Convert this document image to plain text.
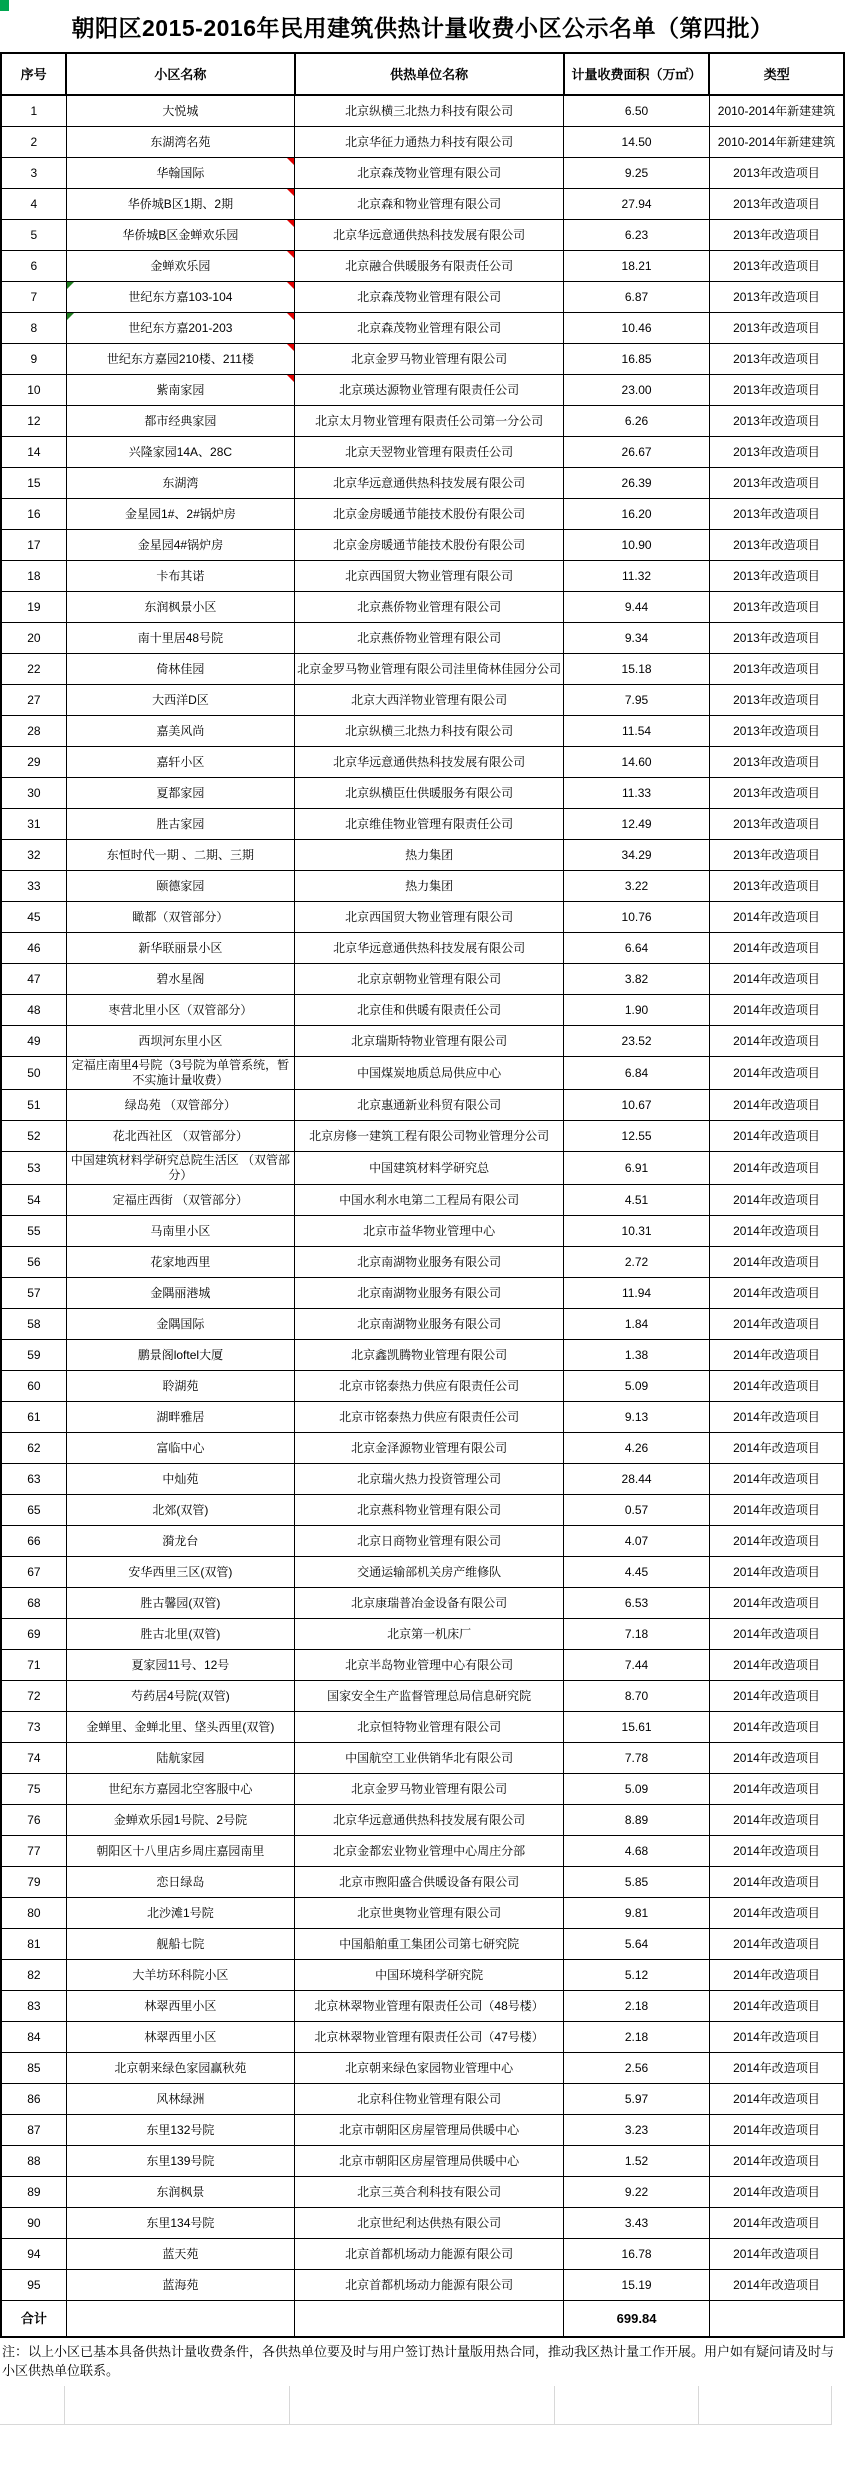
朝阳区2015-2016年民用建筑供热计量收费小区公示名单（第四批）
序号	小区名称	供热单位名称	计量收费面积（万㎡）	类型
1	大悦城	北京纵横三北热力科技有限公司	6.50	2010-2014年新建建筑
2	东湖湾名苑	北京华征力通热力科技有限公司	14.50	2010-2014年新建建筑
3	华翰国际	北京森茂物业管理有限公司	9.25	2013年改造项目
4	华侨城B区1期、2期	北京森和物业管理有限公司	27.94	2013年改造项目
5	华侨城B区金蝉欢乐园	北京华远意通供热科技发展有限公司	6.23	2013年改造项目
6	金蝉欢乐园	北京融合供暖服务有限责任公司	18.21	2013年改造项目
7	世纪东方嘉103-104	北京森茂物业管理有限公司	6.87	2013年改造项目
8	世纪东方嘉201-203	北京森茂物业管理有限公司	10.46	2013年改造项目
9	世纪东方嘉园210楼、211楼	北京金罗马物业管理有限公司	16.85	2013年改造项目
10	紫南家园	北京瑛达源物业管理有限责任公司	23.00	2013年改造项目
12	都市经典家园	北京太月物业管理有限责任公司第一分公司	6.26	2013年改造项目
14	兴隆家园14A、28C	北京天翌物业管理有限责任公司	26.67	2013年改造项目
15	东湖湾	北京华远意通供热科技发展有限公司	26.39	2013年改造项目
16	金星园1#、2#锅炉房	北京金房暖通节能技术股份有限公司	16.20	2013年改造项目
17	金星园4#锅炉房	北京金房暖通节能技术股份有限公司	10.90	2013年改造项目
18	卡布其诺	北京西国贸大物业管理有限公司	11.32	2013年改造项目
19	东润枫景小区	北京燕侨物业管理有限公司	9.44	2013年改造项目
20	南十里居48号院	北京燕侨物业管理有限公司	9.34	2013年改造项目
22	倚林佳园	北京金罗马物业管理有限公司洼里倚林佳园分公司	15.18	2013年改造项目
27	大西洋D区	北京大西洋物业管理有限公司	7.95	2013年改造项目
28	嘉美风尚	北京纵横三北热力科技有限公司	11.54	2013年改造项目
29	嘉轩小区	北京华远意通供热科技发展有限公司	14.60	2013年改造项目
30	夏都家园	北京纵横臣仕供暖服务有限公司	11.33	2013年改造项目
31	胜古家园	北京维佳物业管理有限责任公司	12.49	2013年改造项目
32	东恒时代一期 、二期、三期	热力集团	34.29	2013年改造项目
33	颐德家园	热力集团	3.22	2013年改造项目
45	瞰都（双管部分）	北京西国贸大物业管理有限公司	10.76	2014年改造项目
46	新华联丽景小区	北京华远意通供热科技发展有限公司	6.64	2014年改造项目
47	碧水星阁	北京京朝物业管理有限公司	3.82	2014年改造项目
48	枣营北里小区（双管部分）	北京佳和供暖有限责任公司	1.90	2014年改造项目
49	西坝河东里小区	北京瑞斯特物业管理有限公司	23.52	2014年改造项目
50	定福庄南里4号院（3号院为单管系统，暂不实施计量收费）	中国煤炭地质总局供应中心	6.84	2014年改造项目
51	绿岛苑 （双管部分）	北京惠通新业科贸有限公司	10.67	2014年改造项目
52	花北西社区 （双管部分）	北京房修一建筑工程有限公司物业管理分公司	12.55	2014年改造项目
53	中国建筑材料学研究总院生活区 （双管部分）	中国建筑材料学研究总	6.91	2014年改造项目
54	定福庄西街 （双管部分）	中国水利水电第二工程局有限公司	4.51	2014年改造项目
55	马南里小区	北京市益华物业管理中心	10.31	2014年改造项目
56	花家地西里	北京南湖物业服务有限公司	2.72	2014年改造项目
57	金隅丽港城	北京南湖物业服务有限公司	11.94	2014年改造项目
58	金隅国际	北京南湖物业服务有限公司	1.84	2014年改造项目
59	鹏景阁loftel大厦	北京鑫凯腾物业管理有限公司	1.38	2014年改造项目
60	聆湖苑	北京市铭泰热力供应有限责任公司	5.09	2014年改造项目
61	湖畔雅居	北京市铭泰热力供应有限责任公司	9.13	2014年改造项目
62	富临中心	北京金泽源物业管理有限公司	4.26	2014年改造项目
63	中灿苑	北京瑞火热力投资管理公司	28.44	2014年改造项目
65	北郊(双管)	北京燕科物业管理有限公司	0.57	2014年改造项目
66	漪龙台	北京日商物业管理有限公司	4.07	2014年改造项目
67	安华西里三区(双管)	交通运输部机关房产维修队	4.45	2014年改造项目
68	胜古馨园(双管)	北京康瑞普冶金设备有限公司	6.53	2014年改造项目
69	胜古北里(双管)	北京第一机床厂	7.18	2014年改造项目
71	夏家园11号、12号	北京半岛物业管理中心有限公司	7.44	2014年改造项目
72	芍药居4号院(双管)	国家安全生产监督管理总局信息研究院	8.70	2014年改造项目
73	金蝉里、金蝉北里、垡头西里(双管)	北京恒特物业管理有限公司	15.61	2014年改造项目
74	陆航家园	中国航空工业供销华北有限公司	7.78	2014年改造项目
75	世纪东方嘉园北空客服中心	北京金罗马物业管理有限公司	5.09	2014年改造项目
76	金蝉欢乐园1号院、2号院	北京华远意通供热科技发展有限公司	8.89	2014年改造项目
77	朝阳区十八里店乡周庄嘉园南里	北京金都宏业物业管理中心周庄分部	4.68	2014年改造项目
79	恋日绿岛	北京市煦阳盛合供暖设备有限公司	5.85	2014年改造项目
80	北沙滩1号院	北京世奥物业管理有限公司	9.81	2014年改造项目
81	舰船七院	中国船舶重工集团公司第七研究院	5.64	2014年改造项目
82	大羊坊环科院小区	中国环境科学研究院	5.12	2014年改造项目
83	林翠西里小区	北京林翠物业管理有限责任公司（48号楼）	2.18	2014年改造项目
84	林翠西里小区	北京林翠物业管理有限责任公司（47号楼）	2.18	2014年改造项目
85	北京朝来绿色家园赢秋苑	北京朝来绿色家园物业管理中心	2.56	2014年改造项目
86	风林绿洲	北京科住物业管理有限公司	5.97	2014年改造项目
87	东里132号院	北京市朝阳区房屋管理局供暖中心	3.23	2014年改造项目
88	东里139号院	北京市朝阳区房屋管理局供暖中心	1.52	2014年改造项目
89	东润枫景	北京三英合利科技有限公司	9.22	2014年改造项目
90	东里134号院	北京世纪利达供热有限公司	3.43	2014年改造项目
94	蓝天苑	北京首都机场动力能源有限公司	16.78	2014年改造项目
95	蓝海苑	北京首都机场动力能源有限公司	15.19	2014年改造项目
合计			699.84	
注：以上小区已基本具备供热计量收费条件，各供热单位要及时与用户签订热计量版用热合同，推动我区热计量工作开展。用户如有疑问请及时与小区供热单位联系。
